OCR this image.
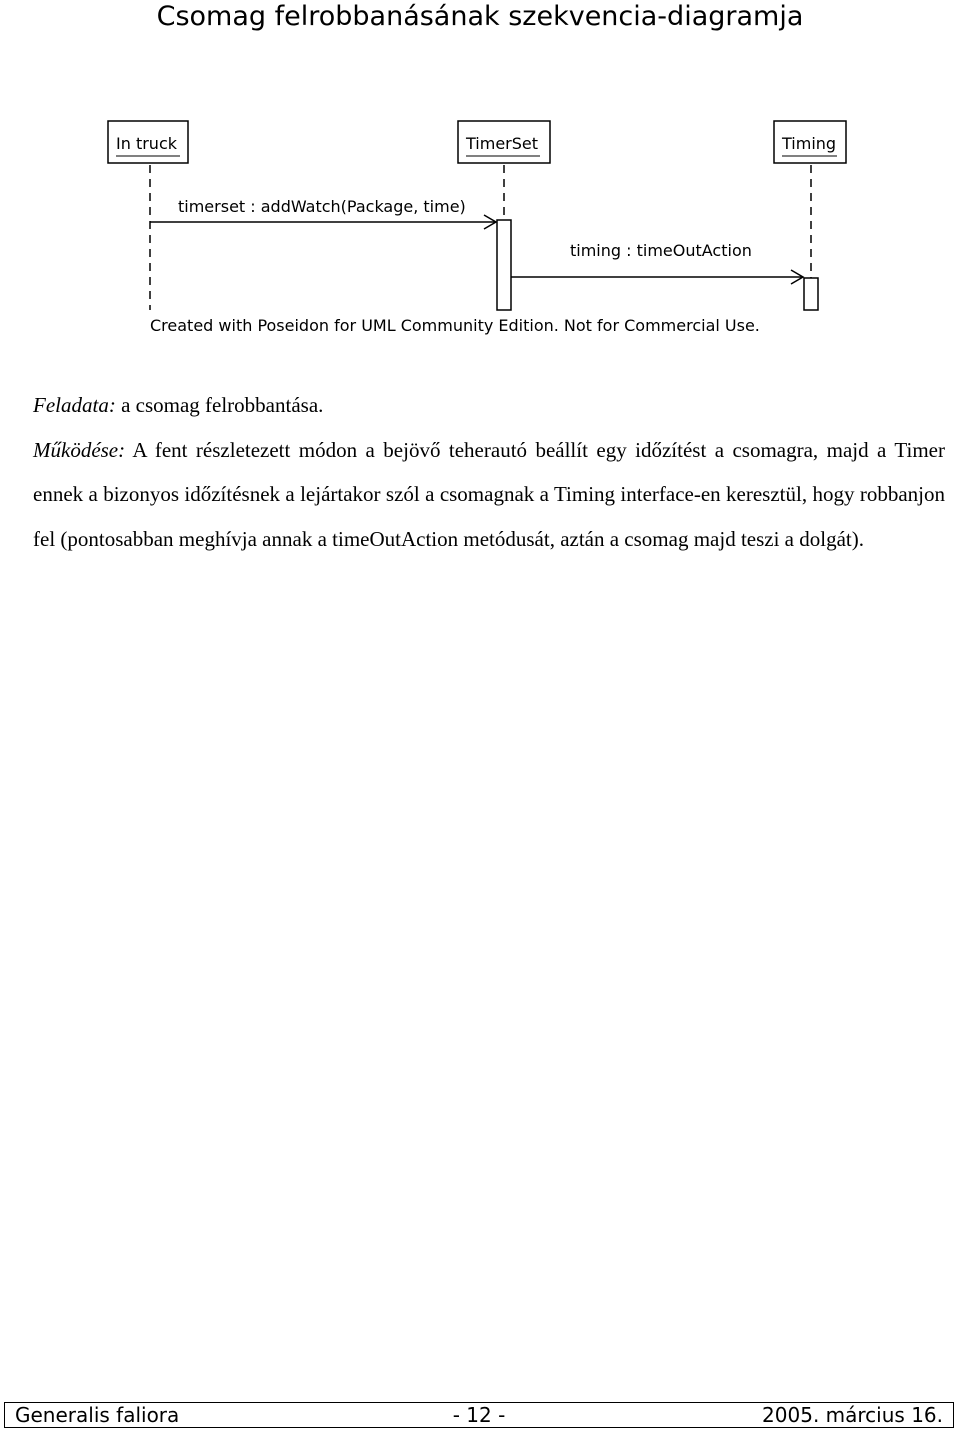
Csomag felrobbanásának szekvencia-diagramja
In truck	TimerSet	Timing
timerset : addWatch(Package, time)
timing : timeOutAction
Created with Poseidon for UML Community Edition. Not for Commercial Use.

Feladata: a csomag felrobbantása.

Működése: A fent részletezett módon a bejövő teherautó beállít egy időzítést a csomagra, majd a Timer ennek a bizonyos időzítésnek a lejártakor szól a csomagnak a Timing interface-en keresztül, hogy robbanjon fel (pontosabban meghívja annak a timeOutAction metódusát, aztán a csomag majd teszi a dolgát).

Generalis faliora	- 12 -	2005. március 16.
